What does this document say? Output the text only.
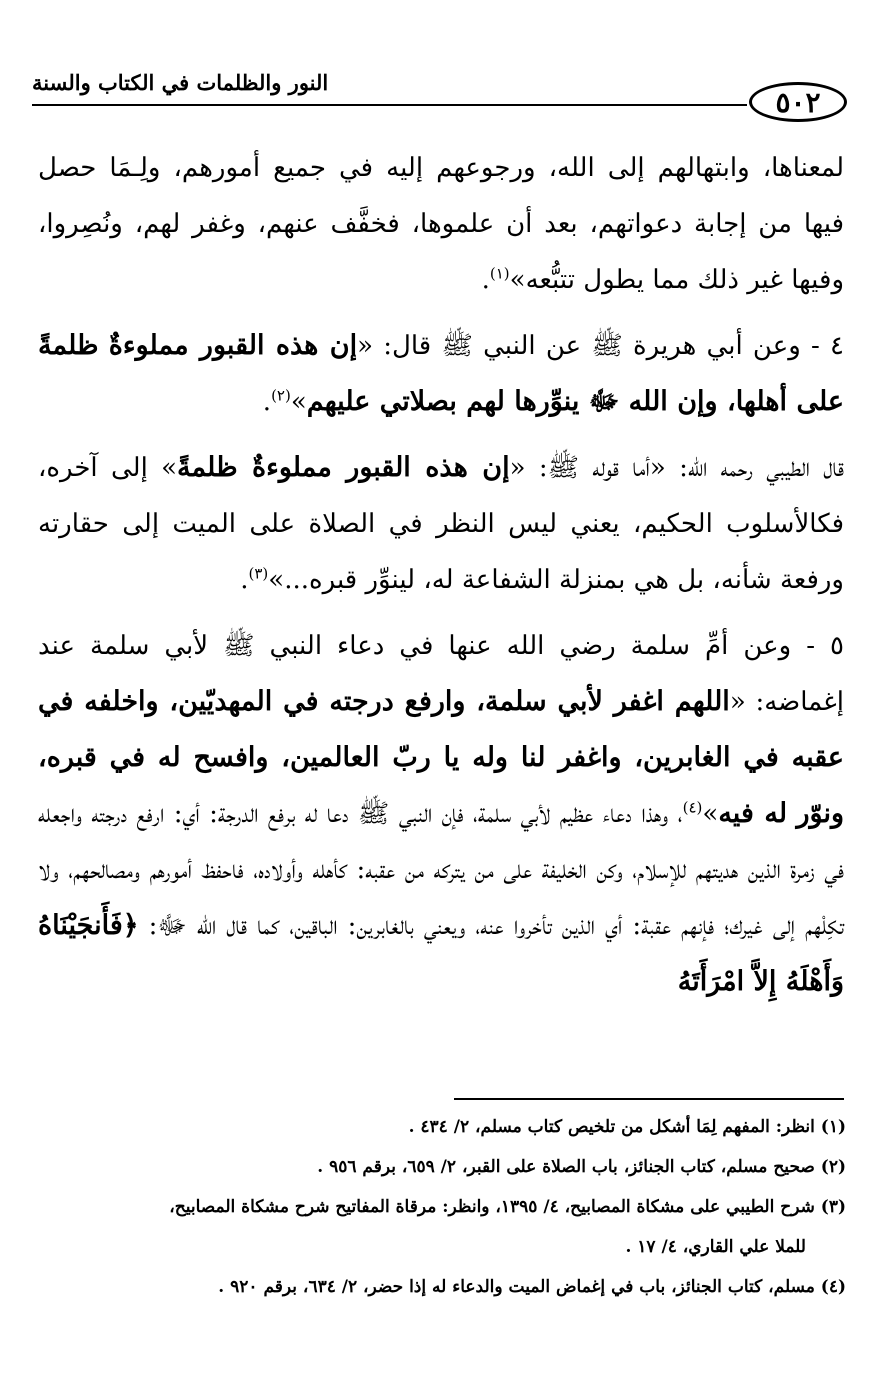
٥٠٢
النور والظلمات في الكتاب والسنة

لمعناها، وابتهالهم إلى الله، ورجوعهم إليه في جميع أمورهم، ولِـمَا حصل فيها من إجابة دعواتهم، بعد أن علموها، فخفَّف عنهم، وغفر لهم، ونُصِروا، وفيها غير ذلك مما يطول تتبُّعه»$^{(١)}$.

٤ - وعن أبي هريرة ﷺ عن النبي ﷺ قال: «إن هذه القبور مملوءةٌ ظلمةً على أهلها، وإن الله ﷻ ينوِّرها لهم بصلاتي عليهم»$^{(٢)}$.

قال الطيبي رحمه الله: «أما قوله ﷺ: «إن هذه القبور مملوءةٌ ظلمةً» إلى آخره، فكالأسلوب الحكيم، يعني ليس النظر في الصلاة على الميت إلى حقارته ورفعة شأنه، بل هي بمنزلة الشفاعة له، لينوِّر قبره...»$^{(٣)}$.

٥ - وعن أمِّ سلمة رضي الله عنها في دعاء النبي ﷺ لأبي سلمة عند إغماضه: «اللهم اغفر لأبي سلمة، وارفع درجته في المهديّين، واخلفه في عقبه في الغابرين، واغفر لنا وله يا ربّ العالمين، وافسح له في قبره، ونوّر له فيه»$^{(٤)}$، وهذا دعاء عظيم لأبي سلمة، فإن النبي ﷺ دعا له برفع الدرجة: أي: ارفع درجته واجعله في زمرة الذين هديتهم للإسلام، وكن الخليفة على من يتركه من عقبه: كأهله وأولاده، فاحفظ أمورهم ومصالحهم، ولا تكِلْهم إلى غيرك؛ فإنهم عقبة: أي الذين تأخروا عنه، ويعني بالغابرين: الباقين، كما قال الله ﷻ: ﴿فَأَنجَيْنَاهُ وَأَهْلَهُ إِلاَّ امْرَأَتَهُ

(١) انظر: المفهم لِمَا أشكل من تلخيص كتاب مسلم، ٢/ ٤٣٤ .

(٢) صحيح مسلم، كتاب الجنائز، باب الصلاة على القبر، ٢/ ٦٥٩، برقم ٩٥٦ .

(٣) شرح الطيبي على مشكاة المصابيح، ٤/ ١٣٩٥، وانظر: مرقاة المفاتيح شرح مشكاة المصابيح،

للملا علي القاري، ٤/ ١٧ .

(٤) مسلم، كتاب الجنائز، باب في إغماض الميت والدعاء له إذا حضر، ٢/ ٦٣٤، برقم ٩٢٠ .
